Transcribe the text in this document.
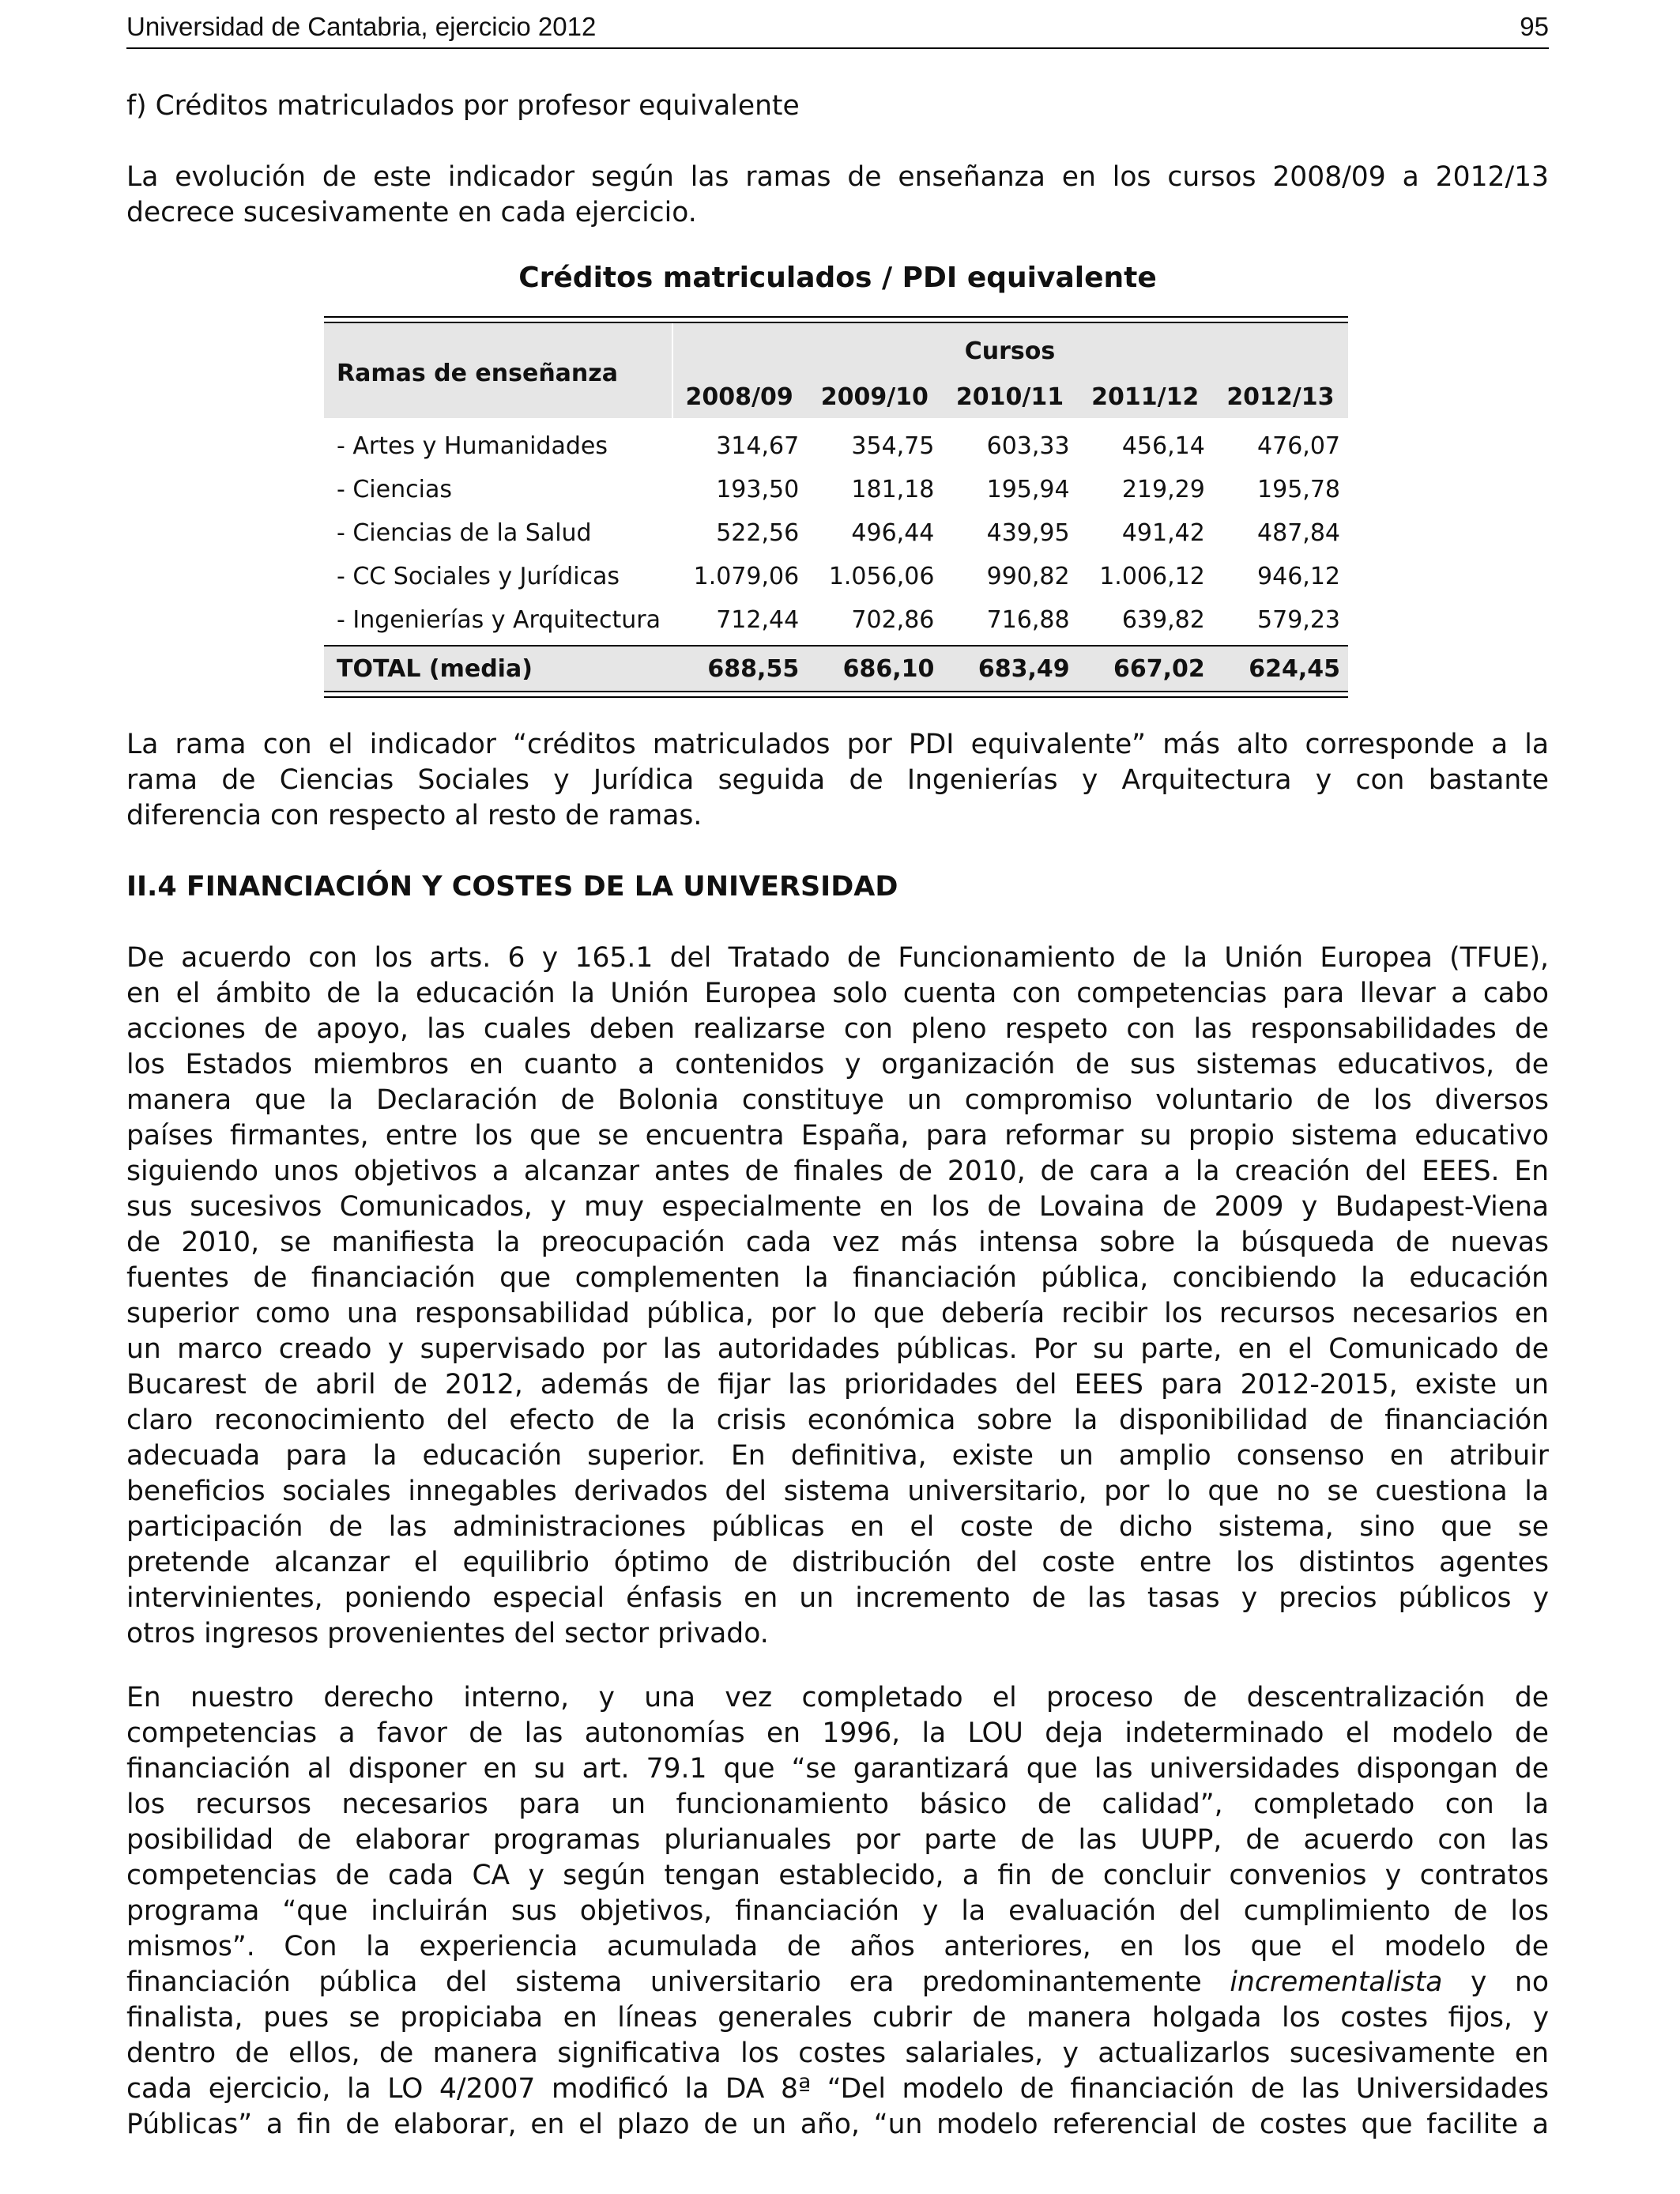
Universidad de Cantabria, ejercicio 2012	95
f) Créditos matriculados por profesor equivalente
La evolución de este indicador según las ramas de enseñanza en los cursos 2008/09 a 2012/13
decrece sucesivamente en cada ejercicio.
Créditos matriculados / PDI equivalente
Ramas de enseñanza
Cursos
2008/09	2009/10	2010/11	2011/12	2012/13
- Artes y Humanidades	314,67	354,75	603,33	456,14	476,07
- Ciencias	193,50	181,18	195,94	219,29	195,78
- Ciencias de la Salud	522,56	496,44	439,95	491,42	487,84
- CC Sociales y Jurídicas	1.079,06	1.056,06	990,82	1.006,12	946,12
- Ingenierías y Arquitectura	712,44	702,86	716,88	639,82	579,23
TOTAL (media)	688,55	686,10	683,49	667,02	624,45
La rama con el indicador “créditos matriculados por PDI equivalente” más alto corresponde a la
rama de Ciencias Sociales y Jurídica seguida de Ingenierías y Arquitectura y con bastante
diferencia con respecto al resto de ramas.
II.4 FINANCIACIÓN Y COSTES DE LA UNIVERSIDAD
De acuerdo con los arts. 6 y 165.1 del Tratado de Funcionamiento de la Unión Europea (TFUE),
en el ámbito de la educación la Unión Europea solo cuenta con competencias para llevar a cabo
acciones de apoyo, las cuales deben realizarse con pleno respeto con las responsabilidades de
los Estados miembros en cuanto a contenidos y organización de sus sistemas educativos, de
manera que la Declaración de Bolonia constituye un compromiso voluntario de los diversos
países firmantes, entre los que se encuentra España, para reformar su propio sistema educativo
siguiendo unos objetivos a alcanzar antes de finales de 2010, de cara a la creación del EEES. En
sus sucesivos Comunicados, y muy especialmente en los de Lovaina de 2009 y Budapest-Viena
de 2010, se manifiesta la preocupación cada vez más intensa sobre la búsqueda de nuevas
fuentes de financiación que complementen la financiación pública, concibiendo la educación
superior como una responsabilidad pública, por lo que debería recibir los recursos necesarios en
un marco creado y supervisado por las autoridades públicas. Por su parte, en el Comunicado de
Bucarest de abril de 2012, además de fijar las prioridades del EEES para 2012-2015, existe un
claro reconocimiento del efecto de la crisis económica sobre la disponibilidad de financiación
adecuada para la educación superior. En definitiva, existe un amplio consenso en atribuir
beneficios sociales innegables derivados del sistema universitario, por lo que no se cuestiona la
participación de las administraciones públicas en el coste de dicho sistema, sino que se
pretende alcanzar el equilibrio óptimo de distribución del coste entre los distintos agentes
intervinientes, poniendo especial énfasis en un incremento de las tasas y precios públicos y
otros ingresos provenientes del sector privado.
En nuestro derecho interno, y una vez completado el proceso de descentralización de
competencias a favor de las autonomías en 1996, la LOU deja indeterminado el modelo de
financiación al disponer en su art. 79.1 que “se garantizará que las universidades dispongan de
los recursos necesarios para un funcionamiento básico de calidad”, completado con la
posibilidad de elaborar programas plurianuales por parte de las UUPP, de acuerdo con las
competencias de cada CA y según tengan establecido, a fin de concluir convenios y contratos
programa “que incluirán sus objetivos, financiación y la evaluación del cumplimiento de los
mismos”. Con la experiencia acumulada de años anteriores, en los que el modelo de
financiación pública del sistema universitario era predominantemente incrementalista y no
finalista, pues se propiciaba en líneas generales cubrir de manera holgada los costes fijos, y
dentro de ellos, de manera significativa los costes salariales, y actualizarlos sucesivamente en
cada ejercicio, la LO 4/2007 modificó la DA 8ª “Del modelo de financiación de las Universidades
Públicas” a fin de elaborar, en el plazo de un año, “un modelo referencial de costes que facilite a
